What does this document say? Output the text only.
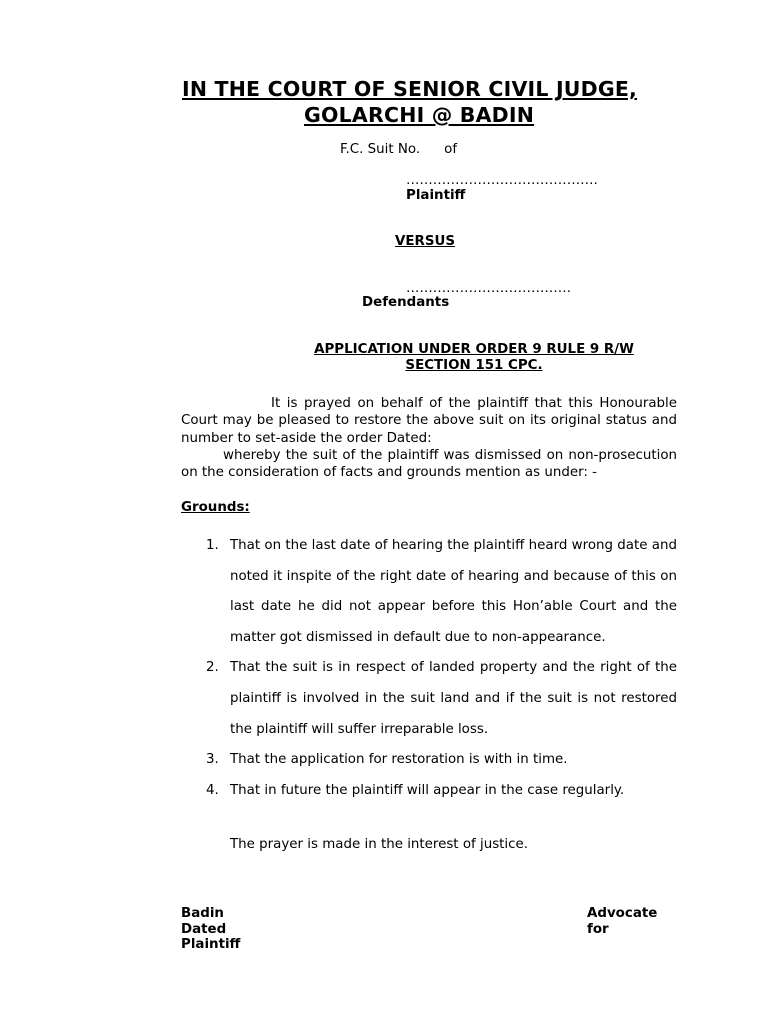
IN THE COURT OF SENIOR CIVIL JUDGE,
GOLARCHI @ BADIN
F.C. Suit No. of
…………………………………….
Plaintiff
VERSUS
……………………………….
Defendants
APPLICATION UNDER ORDER 9 RULE 9 R/W SECTION 151 CPC.
It is prayed on behalf of the plaintiff that this Honourable Court may be pleased to restore the above suit on its original status and number to set-aside the order Dated:
whereby the suit of the plaintiff was dismissed on non-prosecution on the consideration of facts and grounds mention as under: -
Grounds:
1. That on the last date of hearing the plaintiff heard wrong date and noted it inspite of the right date of hearing and because of this on last date he did not appear before this Hon’able Court and the matter got dismissed in default due to non-appearance.
2. That the suit is in respect of landed property and the right of the plaintiff is involved in the suit land and if the suit is not restored the plaintiff will suffer irreparable loss.
3. That the application for restoration is with in time.
4. That in future the plaintiff will appear in the case regularly.
The prayer is made in the interest of justice.
Badin
Dated
Plaintiff
Advocate
for
